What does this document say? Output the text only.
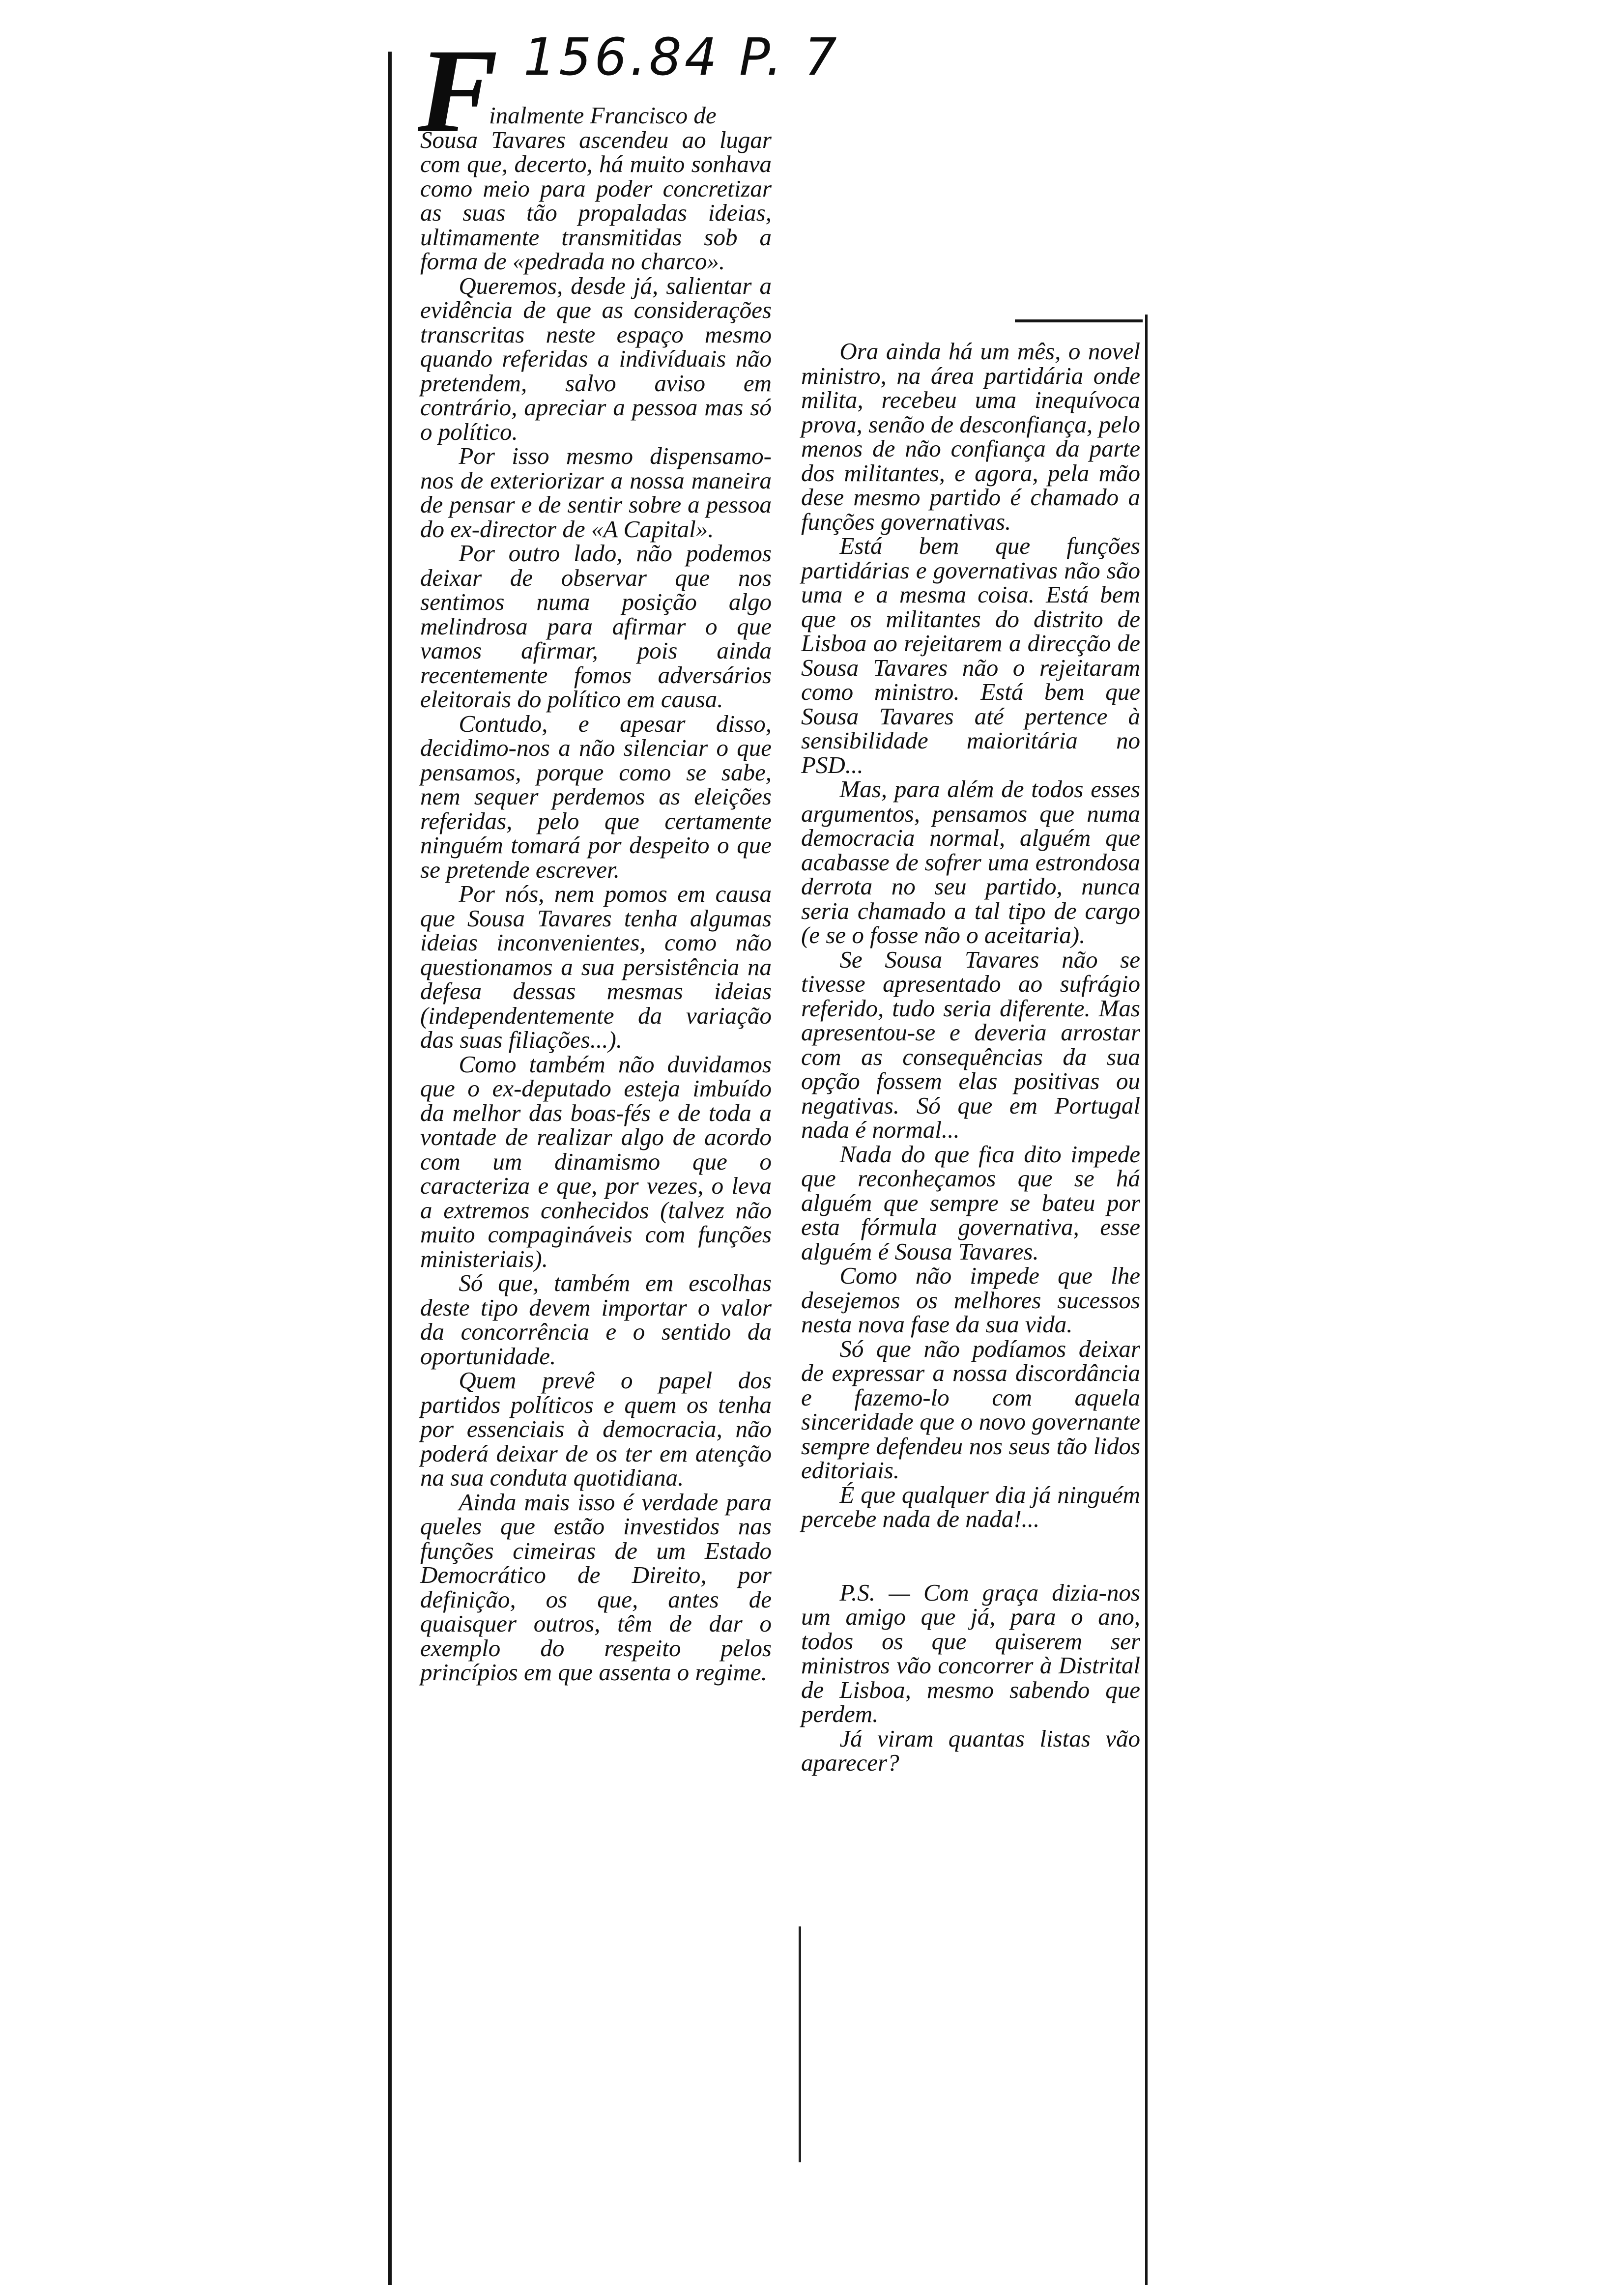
156.84 P. 7
F

inalmente Francisco de

Sousa Tavares ascendeu ao lugar com que, decerto, há muito sonhava como meio para poder concretizar as suas tão propaladas ideias, ultimamente transmitidas sob a forma de «pedrada no charco».

Queremos, desde já, salientar a evidência de que as considerações transcritas neste espaço mesmo quando referidas a indivíduais não pretendem, salvo aviso em contrário, apreciar a pessoa mas só o político.

Por isso mesmo dispensamo-nos de exteriorizar a nossa maneira de pensar e de sentir sobre a pessoa do ex-director de «A Capital».

Por outro lado, não podemos deixar de observar que nos sentimos numa posição algo melindrosa para afirmar o que vamos afirmar, pois ainda recentemente fomos adversários eleitorais do político em causa.

Contudo, e apesar disso, decidimo-nos a não silenciar o que pensamos, porque como se sabe, nem sequer perdemos as eleições referidas, pelo que certamente ninguém tomará por despeito o que se pretende escrever.

Por nós, nem pomos em causa que Sousa Tavares tenha algumas ideias inconvenientes, como não questionamos a sua persistência na defesa dessas mesmas ideias (independentemente da variação das suas filiações...).

Como também não duvidamos que o ex-deputado esteja imbuído da melhor das boas-fés e de toda a vontade de realizar algo de acordo com um dinamismo que o caracteriza e que, por vezes, o leva a extremos conhecidos (talvez não muito compagináveis com funções ministeriais).

Só que, também em escolhas deste tipo devem importar o valor da concorrência e o sentido da oportunidade.

Quem prevê o papel dos partidos políticos e quem os tenha por essenciais à democracia, não poderá deixar de os ter em atenção na sua conduta quotidiana.

Ainda mais isso é verdade para queles que estão investidos nas funções cimeiras de um Estado Democrático de Direito, por definição, os que, antes de quaisquer outros, têm de dar o exemplo do respeito pelos princípios em que assenta o regime.

Ora ainda há um mês, o novel ministro, na área partidária onde milita, recebeu uma inequívoca prova, senão de desconfiança, pelo menos de não confiança da parte dos militantes, e agora, pela mão dese mesmo partido é chamado a funções governativas.

Está bem que funções partidárias e governativas não são uma e a mesma coisa. Está bem que os militantes do distrito de Lisboa ao rejeitarem a direcção de Sousa Tavares não o rejeitaram como ministro. Está bem que Sousa Tavares até pertence à sensibilidade maioritária no PSD...

Mas, para além de todos esses argumentos, pensamos que numa democracia normal, alguém que acabasse de sofrer uma estrondosa derrota no seu partido, nunca seria chamado a tal tipo de cargo (e se o fosse não o aceitaria).

Se Sousa Tavares não se tivesse apresentado ao sufrágio referido, tudo seria diferente. Mas apresentou-se e deveria arrostar com as consequências da sua opção fossem elas positivas ou negativas. Só que em Portugal nada é normal...

Nada do que fica dito impede que reconheçamos que se há alguém que sempre se bateu por esta fórmula governativa, esse alguém é Sousa Tavares.

Como não impede que lhe desejemos os melhores sucessos nesta nova fase da sua vida.

Só que não podíamos deixar de expressar a nossa discordância e fazemo-lo com aquela sinceridade que o novo governante sempre defendeu nos seus tão lidos editoriais.

É que qualquer dia já ninguém percebe nada de nada!...

P.S. — Com graça dizia-nos um amigo que já, para o ano, todos os que quiserem ser ministros vão concorrer à Distrital de Lisboa, mesmo sabendo que perdem.

Já viram quantas listas vão aparecer?
